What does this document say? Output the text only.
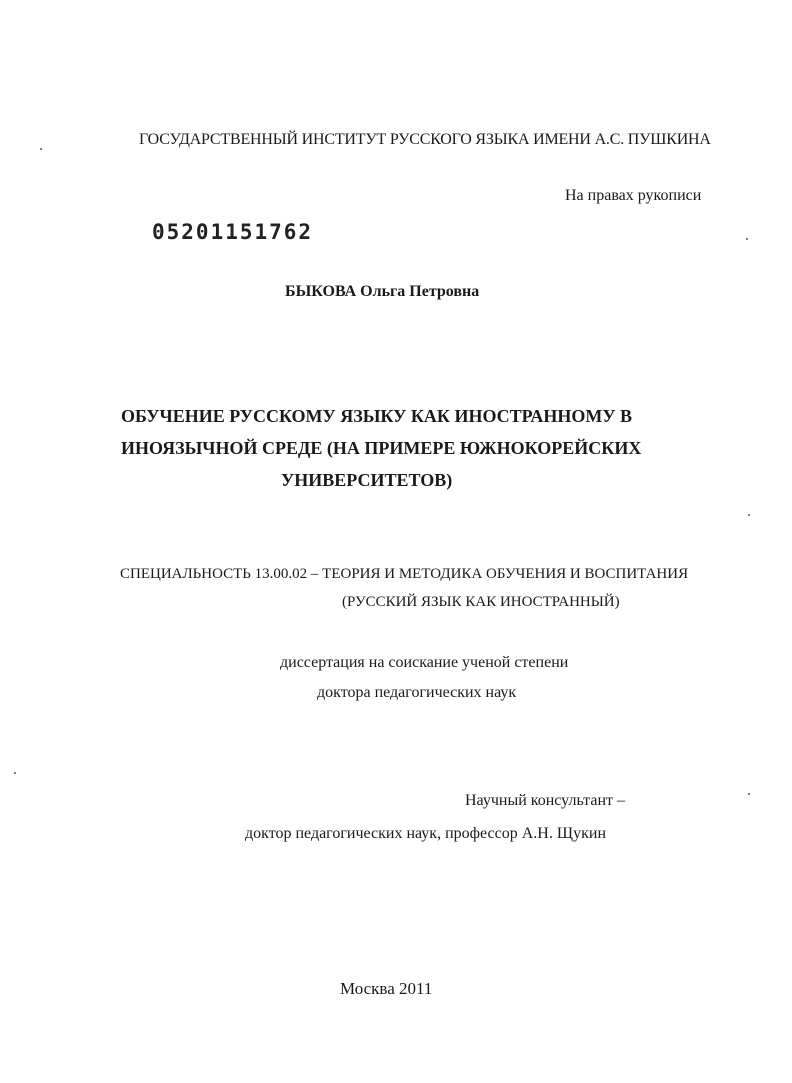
ГОСУДАРСТВЕННЫЙ ИНСТИТУТ РУССКОГО ЯЗЫКА ИМЕНИ А.С. ПУШКИНА
На правах рукописи
05201151762
БЫКОВА Ольга Петровна
ОБУЧЕНИЕ РУССКОМУ ЯЗЫКУ КАК ИНОСТРАННОМУ В
ИНОЯЗЫЧНОЙ СРЕДЕ (НА ПРИМЕРЕ ЮЖНОКОРЕЙСКИХ
УНИВЕРСИТЕТОВ)
СПЕЦИАЛЬНОСТЬ 13.00.02 – ТЕОРИЯ И МЕТОДИКА ОБУЧЕНИЯ И ВОСПИТАНИЯ
(РУССКИЙ ЯЗЫК КАК ИНОСТРАННЫЙ)
диссертация на соискание ученой степени
доктора педагогических наук
Научный консультант –
доктор педагогических наук, профессор А.Н. Щукин
Москва 2011
